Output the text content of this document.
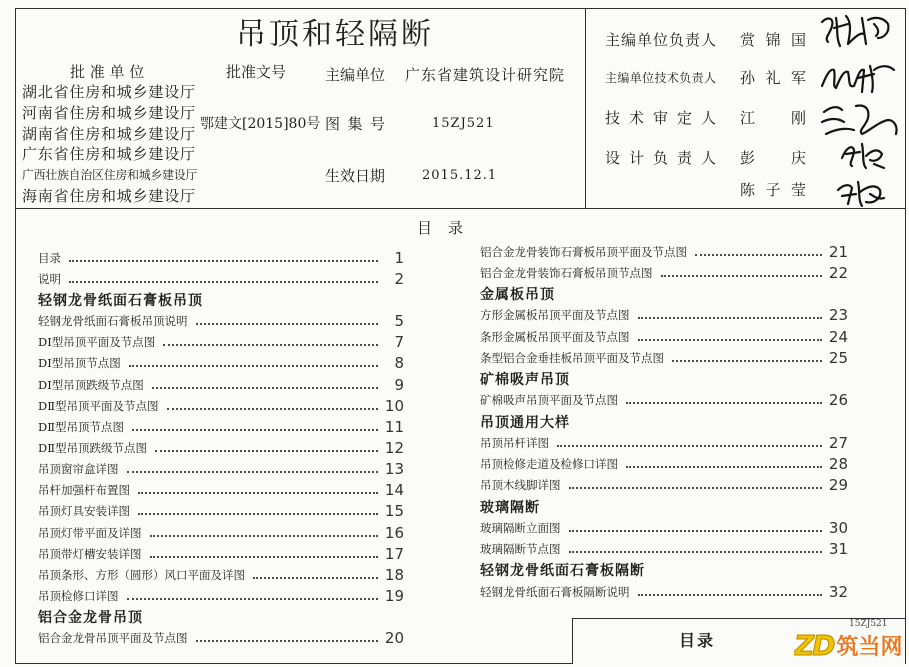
吊顶和轻隔断
批 准 单 位
湖北省住房和城乡建设厅
河南省住房和城乡建设厅
湖南省住房和城乡建设厅
广东省住房和城乡建设厅
广西壮族自治区住房和城乡建设厅
海南省住房和城乡建设厅
批准文号
鄂建文[2015]80号
主编单位 广东省建筑设计研究院
图 集 号	15ZJ521
生效日期	2015.12.1
主编单位负责人 赏 锦 国
主编单位技术负责人 孙 礼 军
技 术 审 定 人 江 刚
设 计 负 责 人 彭 庆
陈 子 莹
目 录
目录	1
说明	2
轻钢龙骨纸面石膏板吊顶
轻钢龙骨纸面石膏板吊顶说明	5
DⅠ型吊顶平面及节点图	7
DⅠ型吊顶节点图	8
DⅠ型吊顶跌级节点图	9
DⅡ型吊顶平面及节点图	10
DⅡ型吊顶节点图	11
DⅡ型吊顶跌级节点图	12
吊顶窗帘盒详图	13
吊杆加强杆布置图	14
吊顶灯具安装详图	15
吊顶灯带平面及详图	16
吊顶带灯槽安装详图	17
吊顶条形、方形（圆形）风口平面及详图	18
吊顶检修口详图	19
铝合金龙骨吊顶
铝合金龙骨吊顶平面及节点图	20
铝合金龙骨装饰石膏板吊顶平面及节点图	21
铝合金龙骨装饰石膏板吊顶节点图	22
金属板吊顶
方形金属板吊顶平面及节点图	23
条形金属板吊顶平面及节点图	24
条型铝合金垂挂板吊顶平面及节点图	25
矿棉吸声吊顶
矿棉吸声吊顶平面及节点图	26
吊顶通用大样
吊顶吊杆详图	27
吊顶检修走道及检修口详图	28
吊顶木线脚详图	29
玻璃隔断
玻璃隔断立面图	30
玻璃隔断节点图	31
轻钢龙骨纸面石膏板隔断
轻钢龙骨纸面石膏板隔断说明	32
目录
15ZJ521
ZD 筑当网
